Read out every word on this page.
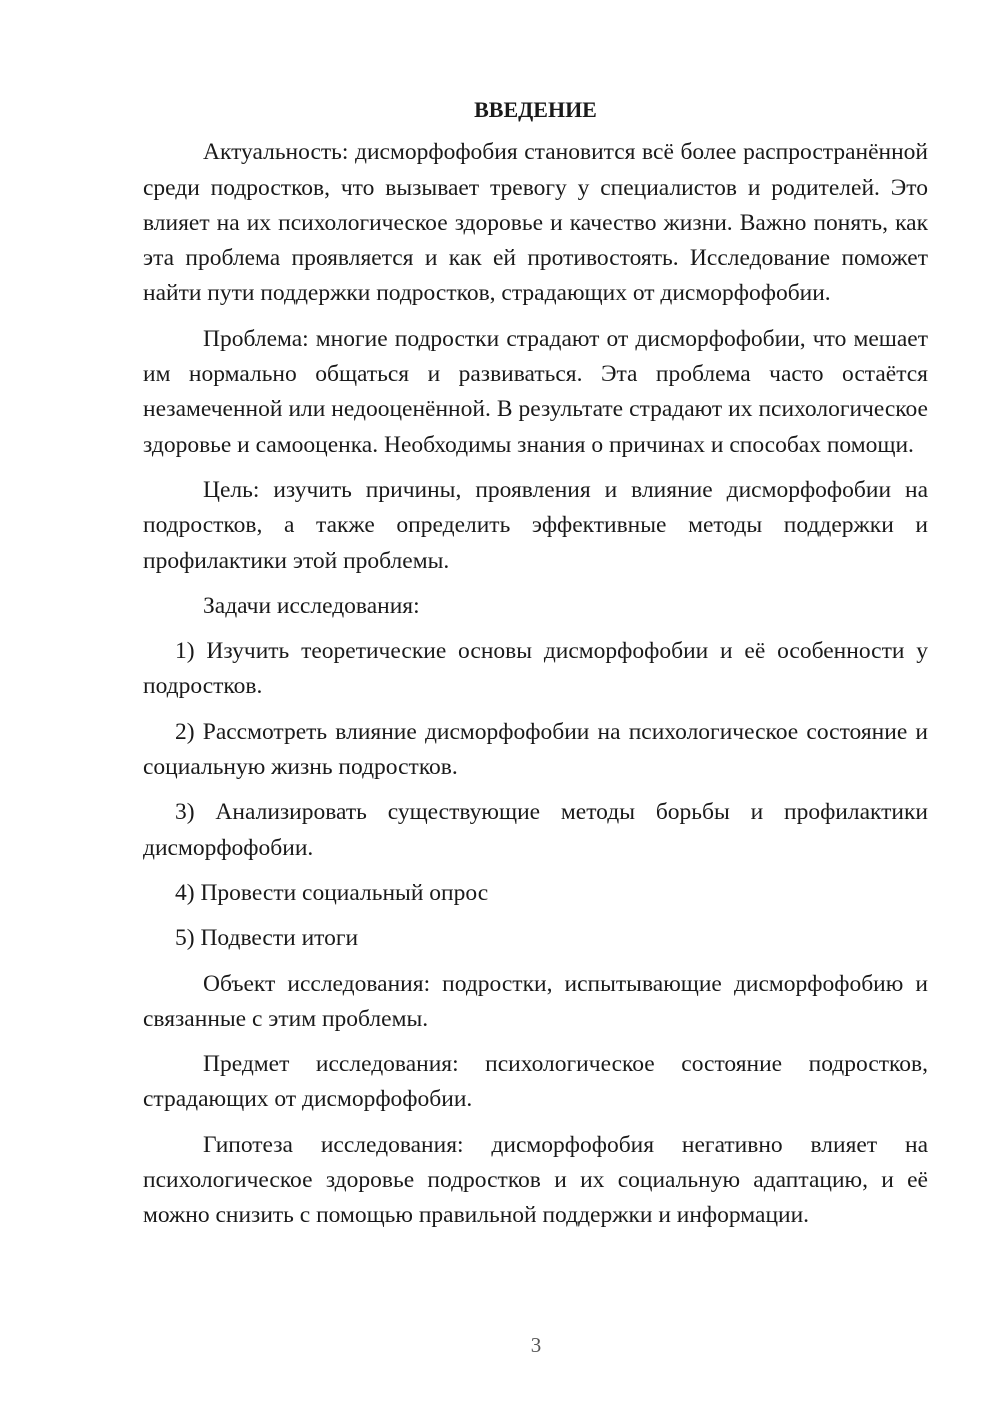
ВВЕДЕНИЕ

Актуальность: дисморфофобия становится всё более распространённой среди подростков, что вызывает тревогу у специалистов и родителей. Это влияет на их психологическое здоровье и качество жизни. Важно понять, как эта проблема проявляется и как ей противостоять. Исследование поможет найти пути поддержки подростков, страдающих от дисморфофобии.

Проблема: многие подростки страдают от дисморфофобии, что мешает им нормально общаться и развиваться. Эта проблема часто остаётся незамеченной или недооценённой. В результате страдают их психологическое здоровье и самооценка. Необходимы знания о причинах и способах помощи.

Цель: изучить причины, проявления и влияние дисморфофобии на подростков, а также определить эффективные методы поддержки и профилактики этой проблемы.

Задачи исследования:

1) Изучить теоретические основы дисморфофобии и её особенности у подростков.

2) Рассмотреть влияние дисморфофобии на психологическое состояние и социальную жизнь подростков.

3) Анализировать существующие методы борьбы и профилактики дисморфофобии.

4) Провести социальный опрос

5) Подвести итоги

Объект исследования: подростки, испытывающие дисморфофобию и связанные с этим проблемы.

Предмет исследования: психологическое состояние подростков, страдающих от дисморфофобии.

Гипотеза исследования: дисморфофобия негативно влияет на психологическое здоровье подростков и их социальную адаптацию, и её можно снизить с помощью правильной поддержки и информации.

3
